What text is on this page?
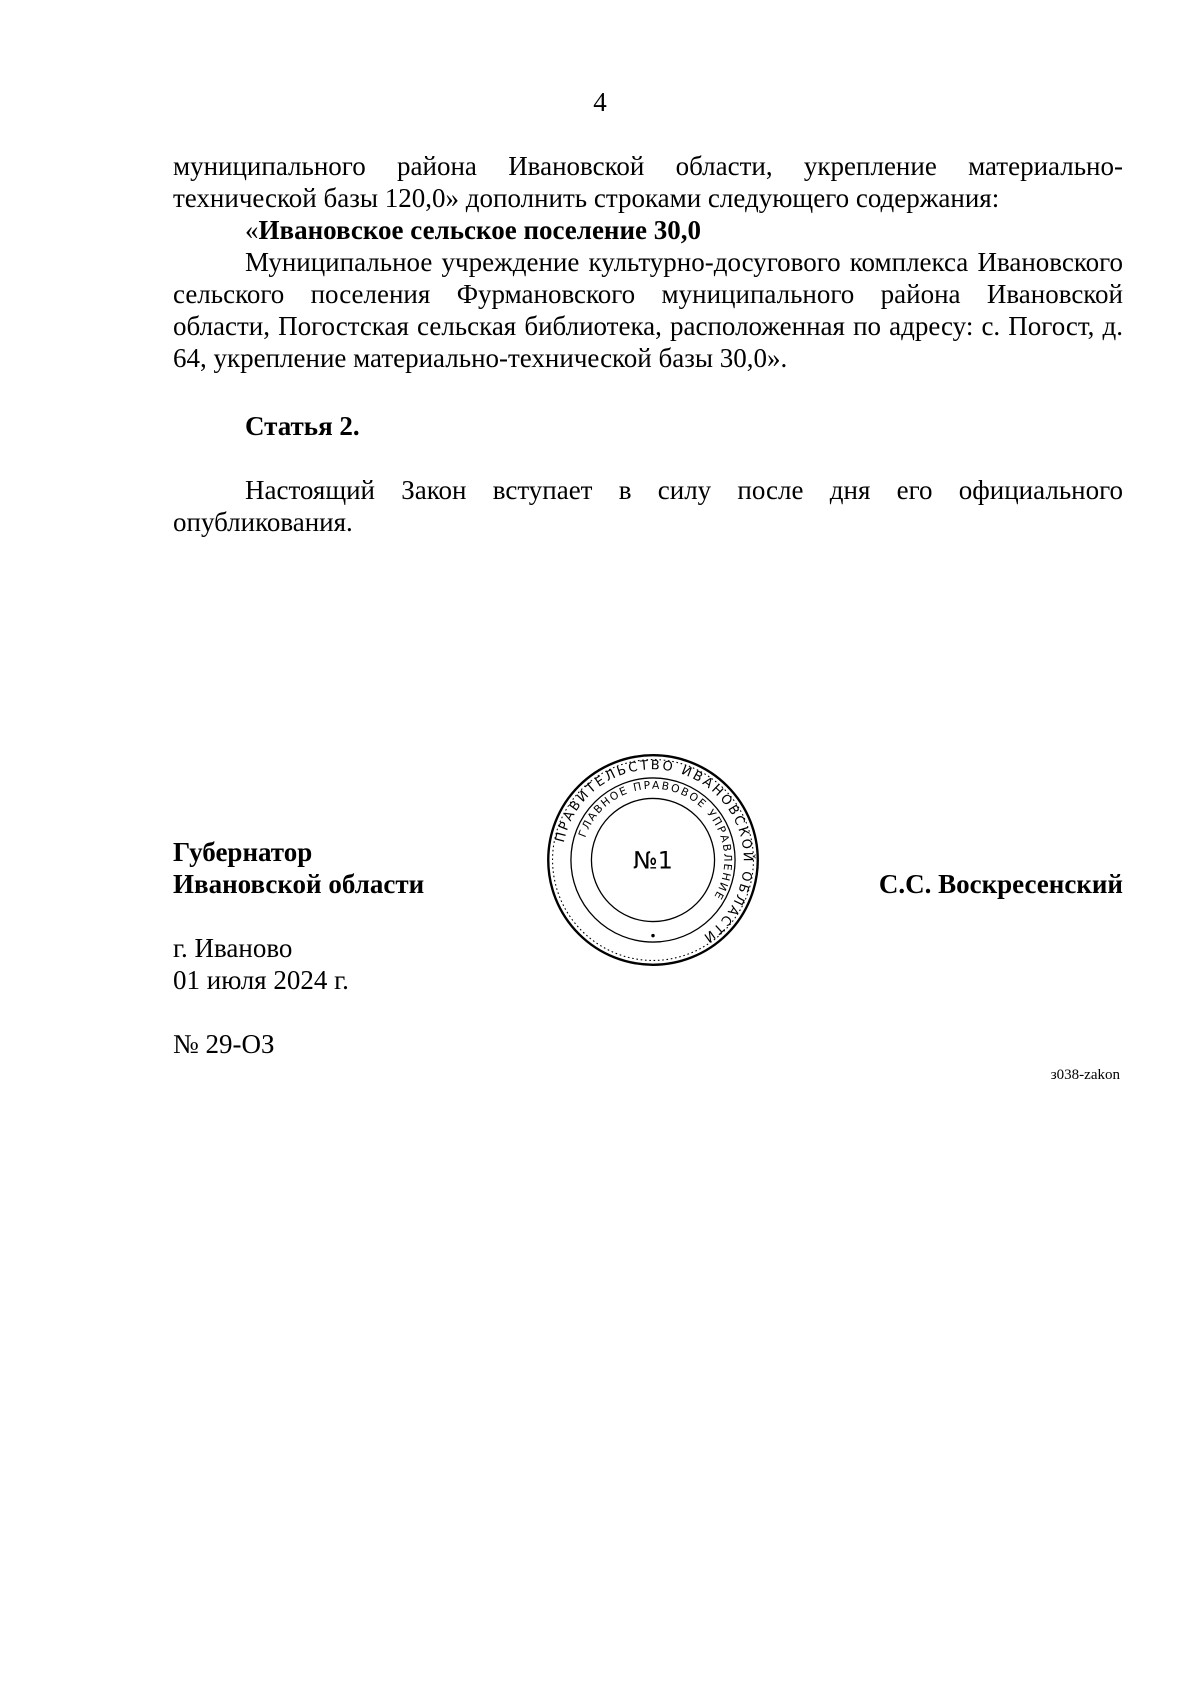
4
муниципального района Ивановской области, укрепление материально- технической базы 120,0» дополнить строками следующего содержания:
«Ивановское сельское поселение 30,0
Муниципальное учреждение культурно-досугового комплекса Ивановского сельского поселения Фурмановского муниципального района Ивановской области, Погостская сельская библиотека, расположенная по адресу: с. Погост, д. 64, укрепление материально-технической базы 30,0».
Статья 2.
Настоящий Закон вступает в силу после дня его официального опубликования.
Губернатор
Ивановской области
ПРАВИТЕЛЬСТВО ИВАНОВСКОЙ ОБЛАСТИ
ГЛАВНОЕ ПРАВОВОЕ УПРАВЛЕНИЕ
№1
С.С. Воскресенский
г. Иваново
01 июля 2024 г.
№ 29-ОЗ
з038-zakon
